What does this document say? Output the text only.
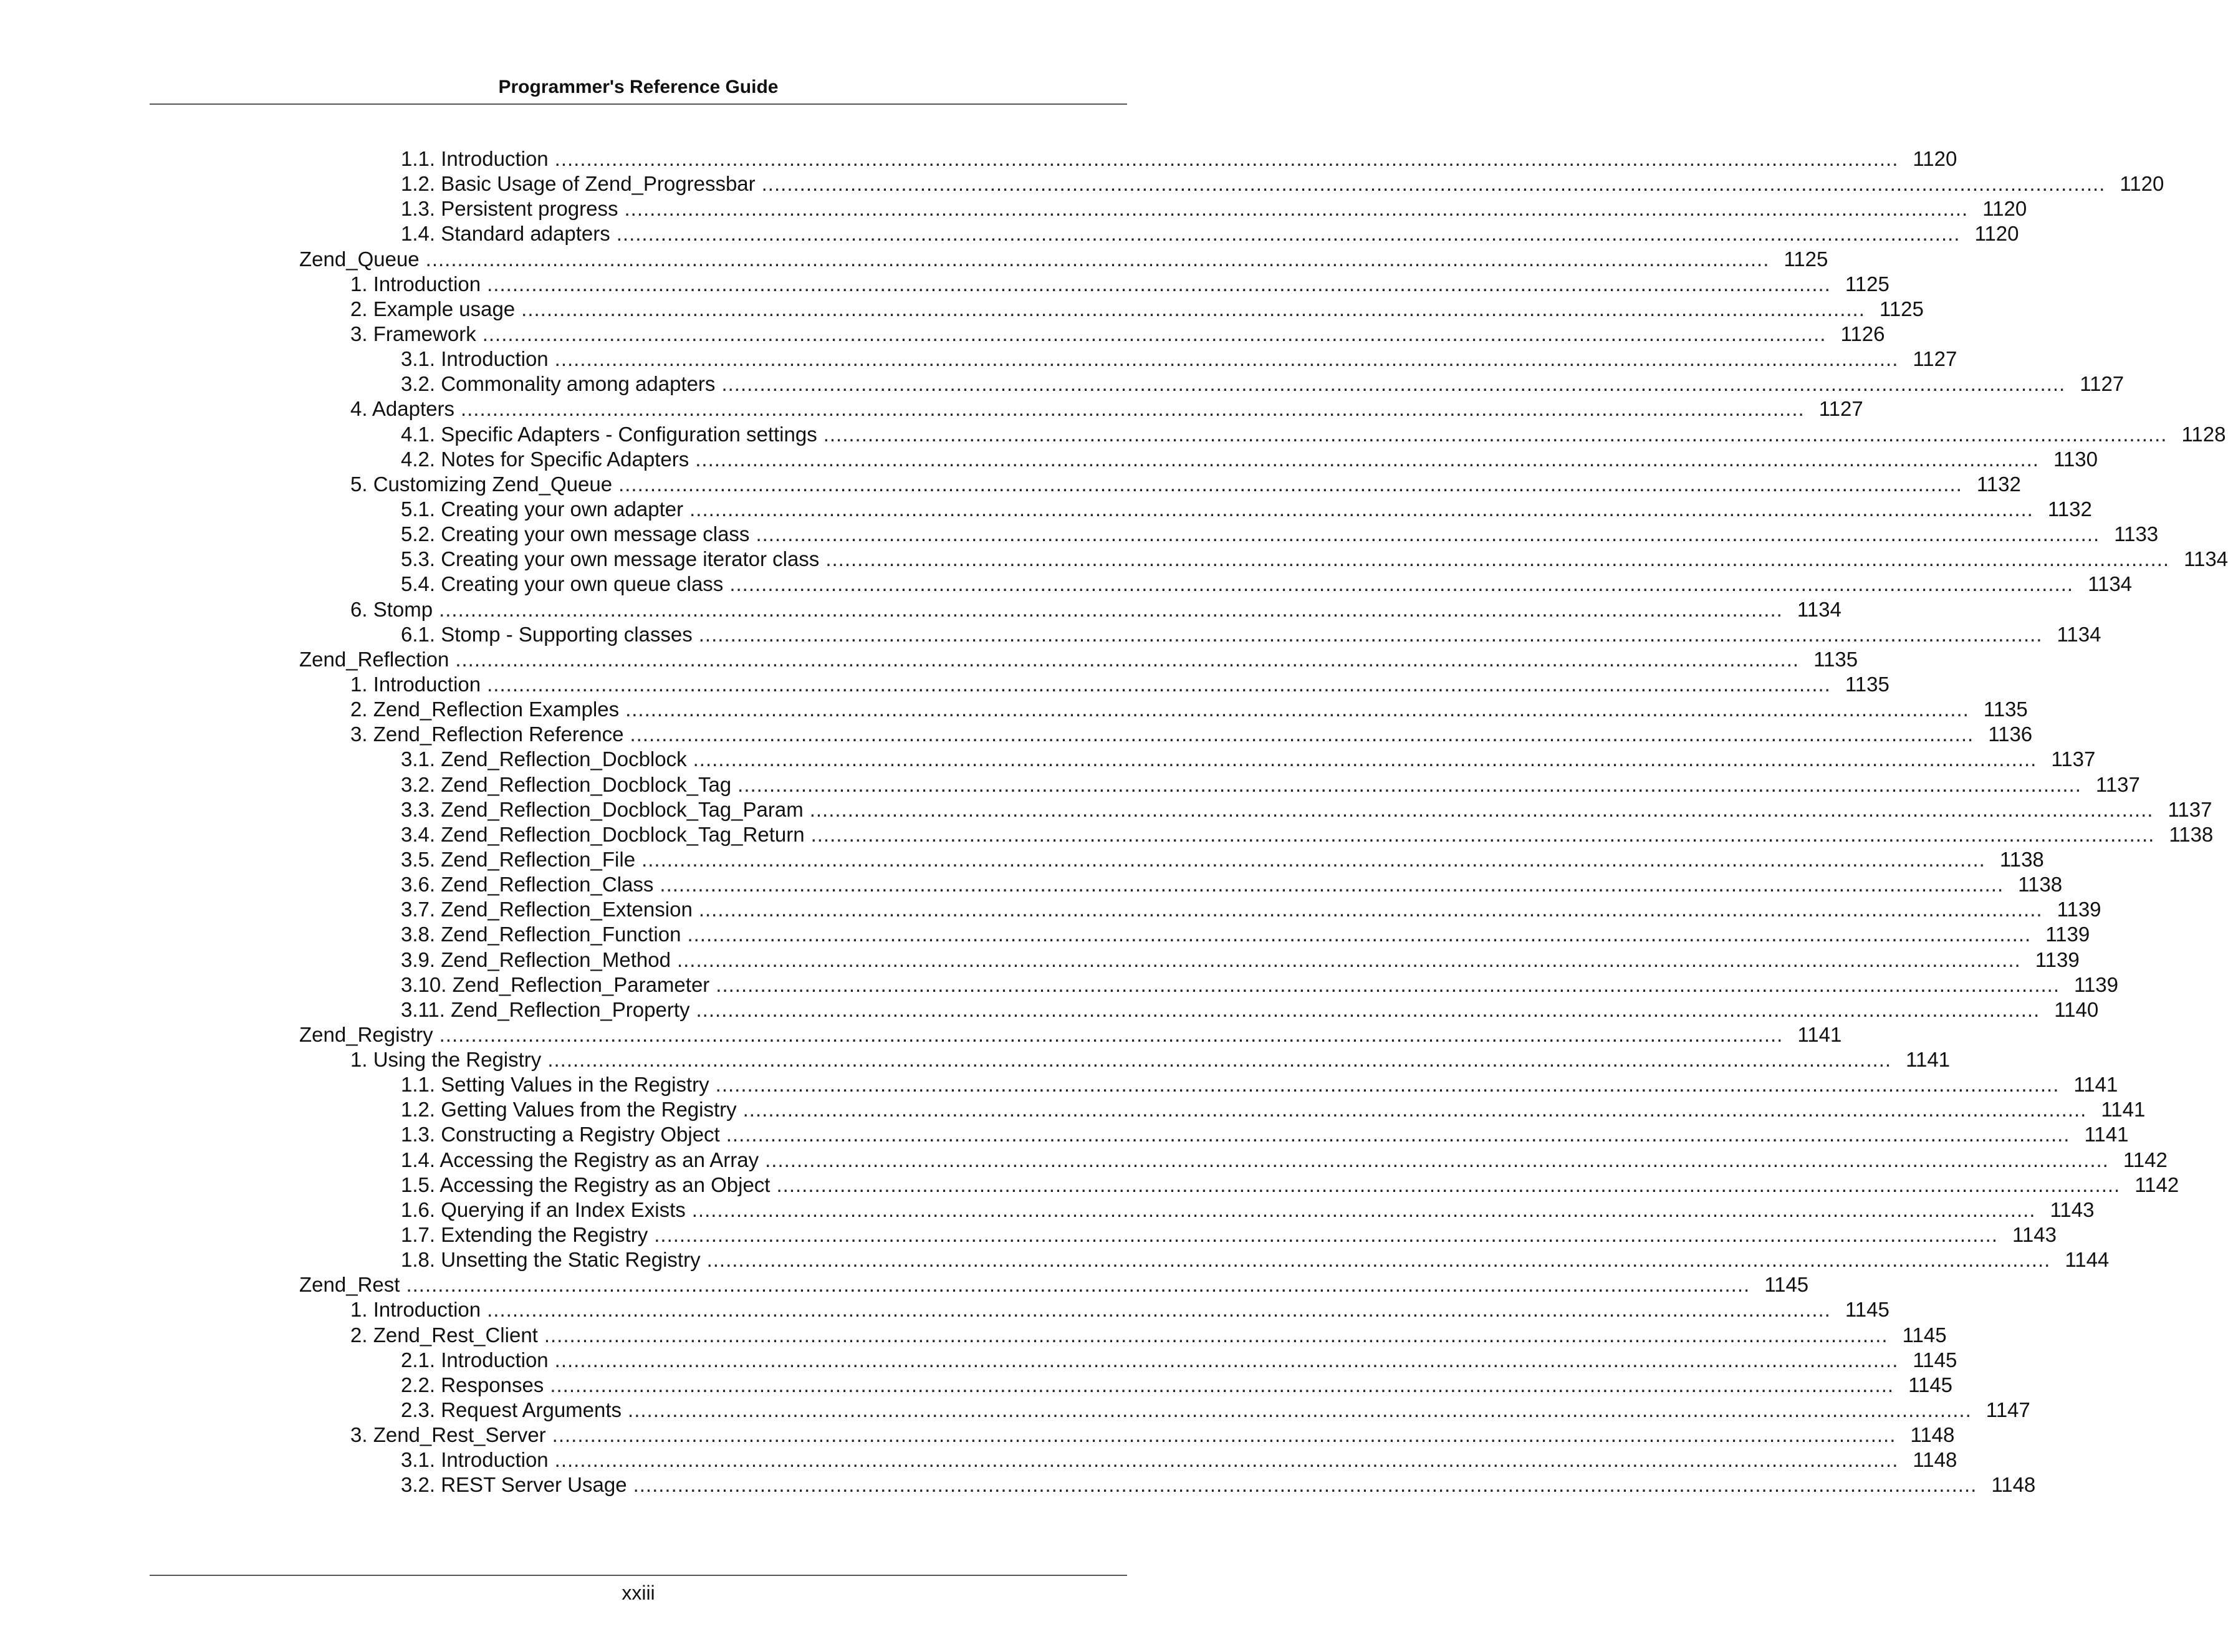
Programmer's Reference Guide
1.1. Introduction .................................................................................................................................................................................................................... 1120
1.2. Basic Usage of Zend_Progressbar .................................................................................................................................................................................................................... 1120
1.3. Persistent progress .................................................................................................................................................................................................................... 1120
1.4. Standard adapters .................................................................................................................................................................................................................... 1120
Zend_Queue .................................................................................................................................................................................................................... 1125
1. Introduction .................................................................................................................................................................................................................... 1125
2. Example usage .................................................................................................................................................................................................................... 1125
3. Framework .................................................................................................................................................................................................................... 1126
3.1. Introduction .................................................................................................................................................................................................................... 1127
3.2. Commonality among adapters .................................................................................................................................................................................................................... 1127
4. Adapters .................................................................................................................................................................................................................... 1127
4.1. Specific Adapters - Configuration settings .................................................................................................................................................................................................................... 1128
4.2. Notes for Specific Adapters .................................................................................................................................................................................................................... 1130
5. Customizing Zend_Queue .................................................................................................................................................................................................................... 1132
5.1. Creating your own adapter .................................................................................................................................................................................................................... 1132
5.2. Creating your own message class .................................................................................................................................................................................................................... 1133
5.3. Creating your own message iterator class .................................................................................................................................................................................................................... 1134
5.4. Creating your own queue class .................................................................................................................................................................................................................... 1134
6. Stomp .................................................................................................................................................................................................................... 1134
6.1. Stomp - Supporting classes .................................................................................................................................................................................................................... 1134
Zend_Reflection .................................................................................................................................................................................................................... 1135
1. Introduction .................................................................................................................................................................................................................... 1135
2. Zend_Reflection Examples .................................................................................................................................................................................................................... 1135
3. Zend_Reflection Reference .................................................................................................................................................................................................................... 1136
3.1. Zend_Reflection_Docblock .................................................................................................................................................................................................................... 1137
3.2. Zend_Reflection_Docblock_Tag .................................................................................................................................................................................................................... 1137
3.3. Zend_Reflection_Docblock_Tag_Param .................................................................................................................................................................................................................... 1137
3.4. Zend_Reflection_Docblock_Tag_Return .................................................................................................................................................................................................................... 1138
3.5. Zend_Reflection_File .................................................................................................................................................................................................................... 1138
3.6. Zend_Reflection_Class .................................................................................................................................................................................................................... 1138
3.7. Zend_Reflection_Extension .................................................................................................................................................................................................................... 1139
3.8. Zend_Reflection_Function .................................................................................................................................................................................................................... 1139
3.9. Zend_Reflection_Method .................................................................................................................................................................................................................... 1139
3.10. Zend_Reflection_Parameter .................................................................................................................................................................................................................... 1139
3.11. Zend_Reflection_Property .................................................................................................................................................................................................................... 1140
Zend_Registry .................................................................................................................................................................................................................... 1141
1. Using the Registry .................................................................................................................................................................................................................... 1141
1.1. Setting Values in the Registry .................................................................................................................................................................................................................... 1141
1.2. Getting Values from the Registry .................................................................................................................................................................................................................... 1141
1.3. Constructing a Registry Object .................................................................................................................................................................................................................... 1141
1.4. Accessing the Registry as an Array .................................................................................................................................................................................................................... 1142
1.5. Accessing the Registry as an Object .................................................................................................................................................................................................................... 1142
1.6. Querying if an Index Exists .................................................................................................................................................................................................................... 1143
1.7. Extending the Registry .................................................................................................................................................................................................................... 1143
1.8. Unsetting the Static Registry .................................................................................................................................................................................................................... 1144
Zend_Rest .................................................................................................................................................................................................................... 1145
1. Introduction .................................................................................................................................................................................................................... 1145
2. Zend_Rest_Client .................................................................................................................................................................................................................... 1145
2.1. Introduction .................................................................................................................................................................................................................... 1145
2.2. Responses .................................................................................................................................................................................................................... 1145
2.3. Request Arguments .................................................................................................................................................................................................................... 1147
3. Zend_Rest_Server .................................................................................................................................................................................................................... 1148
3.1. Introduction .................................................................................................................................................................................................................... 1148
3.2. REST Server Usage .................................................................................................................................................................................................................... 1148
xxiii
